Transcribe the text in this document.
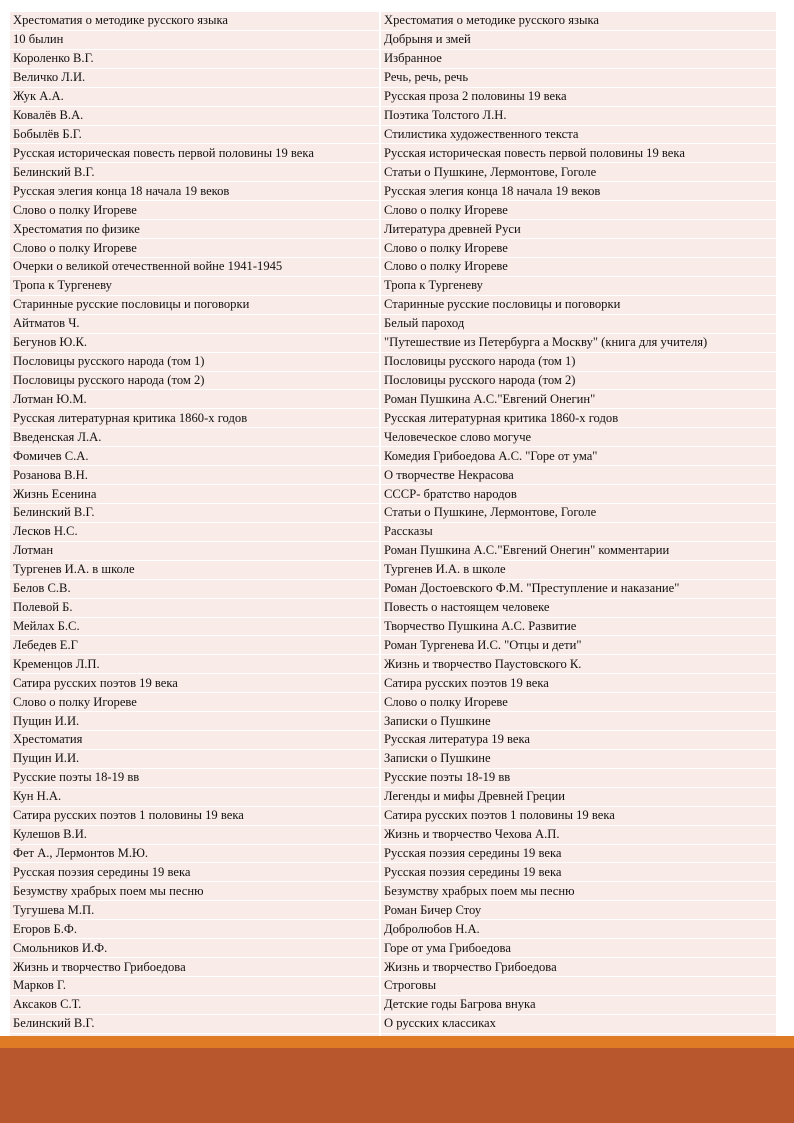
Хрестоматия о методике русского языка	Хрестоматия о методике русского языка
10 былин	Добрыня и змей
Короленко В.Г.	Избранное
Величко Л.И.	Речь, речь, речь
Жук А.А.	Русская проза 2 половины 19 века
Ковалёв В.А.	Поэтика Толстого Л.Н.
Бобылёв Б.Г.	Стилистика художественного текста
Русская историческая повесть первой половины 19 века	Русская историческая повесть первой половины 19 века
Белинский В.Г.	Статьи о Пушкине, Лермонтове, Гоголе
Русская элегия конца 18 начала 19 веков	Русская элегия конца 18 начала 19 веков
Слово о полку Игореве	Слово о полку Игореве
Хрестоматия по физике	Литература древней Руси
Слово о полку Игореве	Слово о полку Игореве
Очерки о великой отечественной войне 1941-1945	Слово о полку Игореве
Тропа к Тургеневу	Тропа к Тургеневу
Старинные русские пословицы и поговорки	Старинные русские пословицы и поговорки
Айтматов Ч.	Белый пароход
Бегунов Ю.К.	"Путешествие из Петербурга а Москву" (книга для учителя)
Пословицы русского народа (том 1)	Пословицы русского народа (том 1)
Пословицы русского народа (том 2)	Пословицы русского народа (том 2)
Лотман Ю.М.	Роман Пушкина А.С."Евгений Онегин"
Русская литературная критика 1860-х годов	Русская литературная критика 1860-х годов
Введенская Л.А.	Человеческое слово могуче
Фомичев С.А.	Комедия Грибоедова А.С. "Горе от ума"
Розанова В.Н.	О творчестве Некрасова
Жизнь Есенина	СССР- братство народов
Белинский В.Г.	Статьи о Пушкине, Лермонтове, Гоголе
Лесков Н.С.	Рассказы
Лотман	Роман Пушкина А.С."Евгений Онегин" комментарии
Тургенев И.А. в школе	Тургенев И.А. в школе
Белов С.В.	Роман Достоевского Ф.М. "Преступление и наказание"
Полевой Б.	Повесть о настоящем человеке
Мейлах Б.С.	Творчество Пушкина А.С. Развитие
Лебедев Е.Г	Роман Тургенева И.С. "Отцы и дети"
Кременцов Л.П.	Жизнь и творчество Паустовского К.
Сатира русских поэтов 19 века	Сатира русских поэтов 19 века
Слово о полку Игореве	Слово о полку Игореве
Пущин И.И.	Записки о Пушкине
Хрестоматия	Русская литература 19 века
Пущин И.И.	Записки о Пушкине
Русские поэты 18-19 вв	Русские поэты 18-19 вв
Кун Н.А.	Легенды и мифы Древней Греции
Сатира русских поэтов 1 половины 19 века	Сатира русских поэтов 1 половины 19 века
Кулешов В.И.	Жизнь и творчество Чехова А.П.
Фет А., Лермонтов М.Ю.	Русская поэзия середины 19 века
Русская поэзия середины 19 века	Русская поэзия середины 19 века
Безумству храбрых поем мы песню	Безумству храбрых поем мы песню
Тугушева М.П.	Роман Бичер Стоу
Егоров Б.Ф.	Добролюбов Н.А.
Смольников И.Ф.	Горе от ума Грибоедова
Жизнь и творчество Грибоедова	Жизнь и творчество Грибоедова
Марков Г.	Строговы
Аксаков С.Т.	Детские годы Багрова внука
Белинский В.Г.	О русских классиках
